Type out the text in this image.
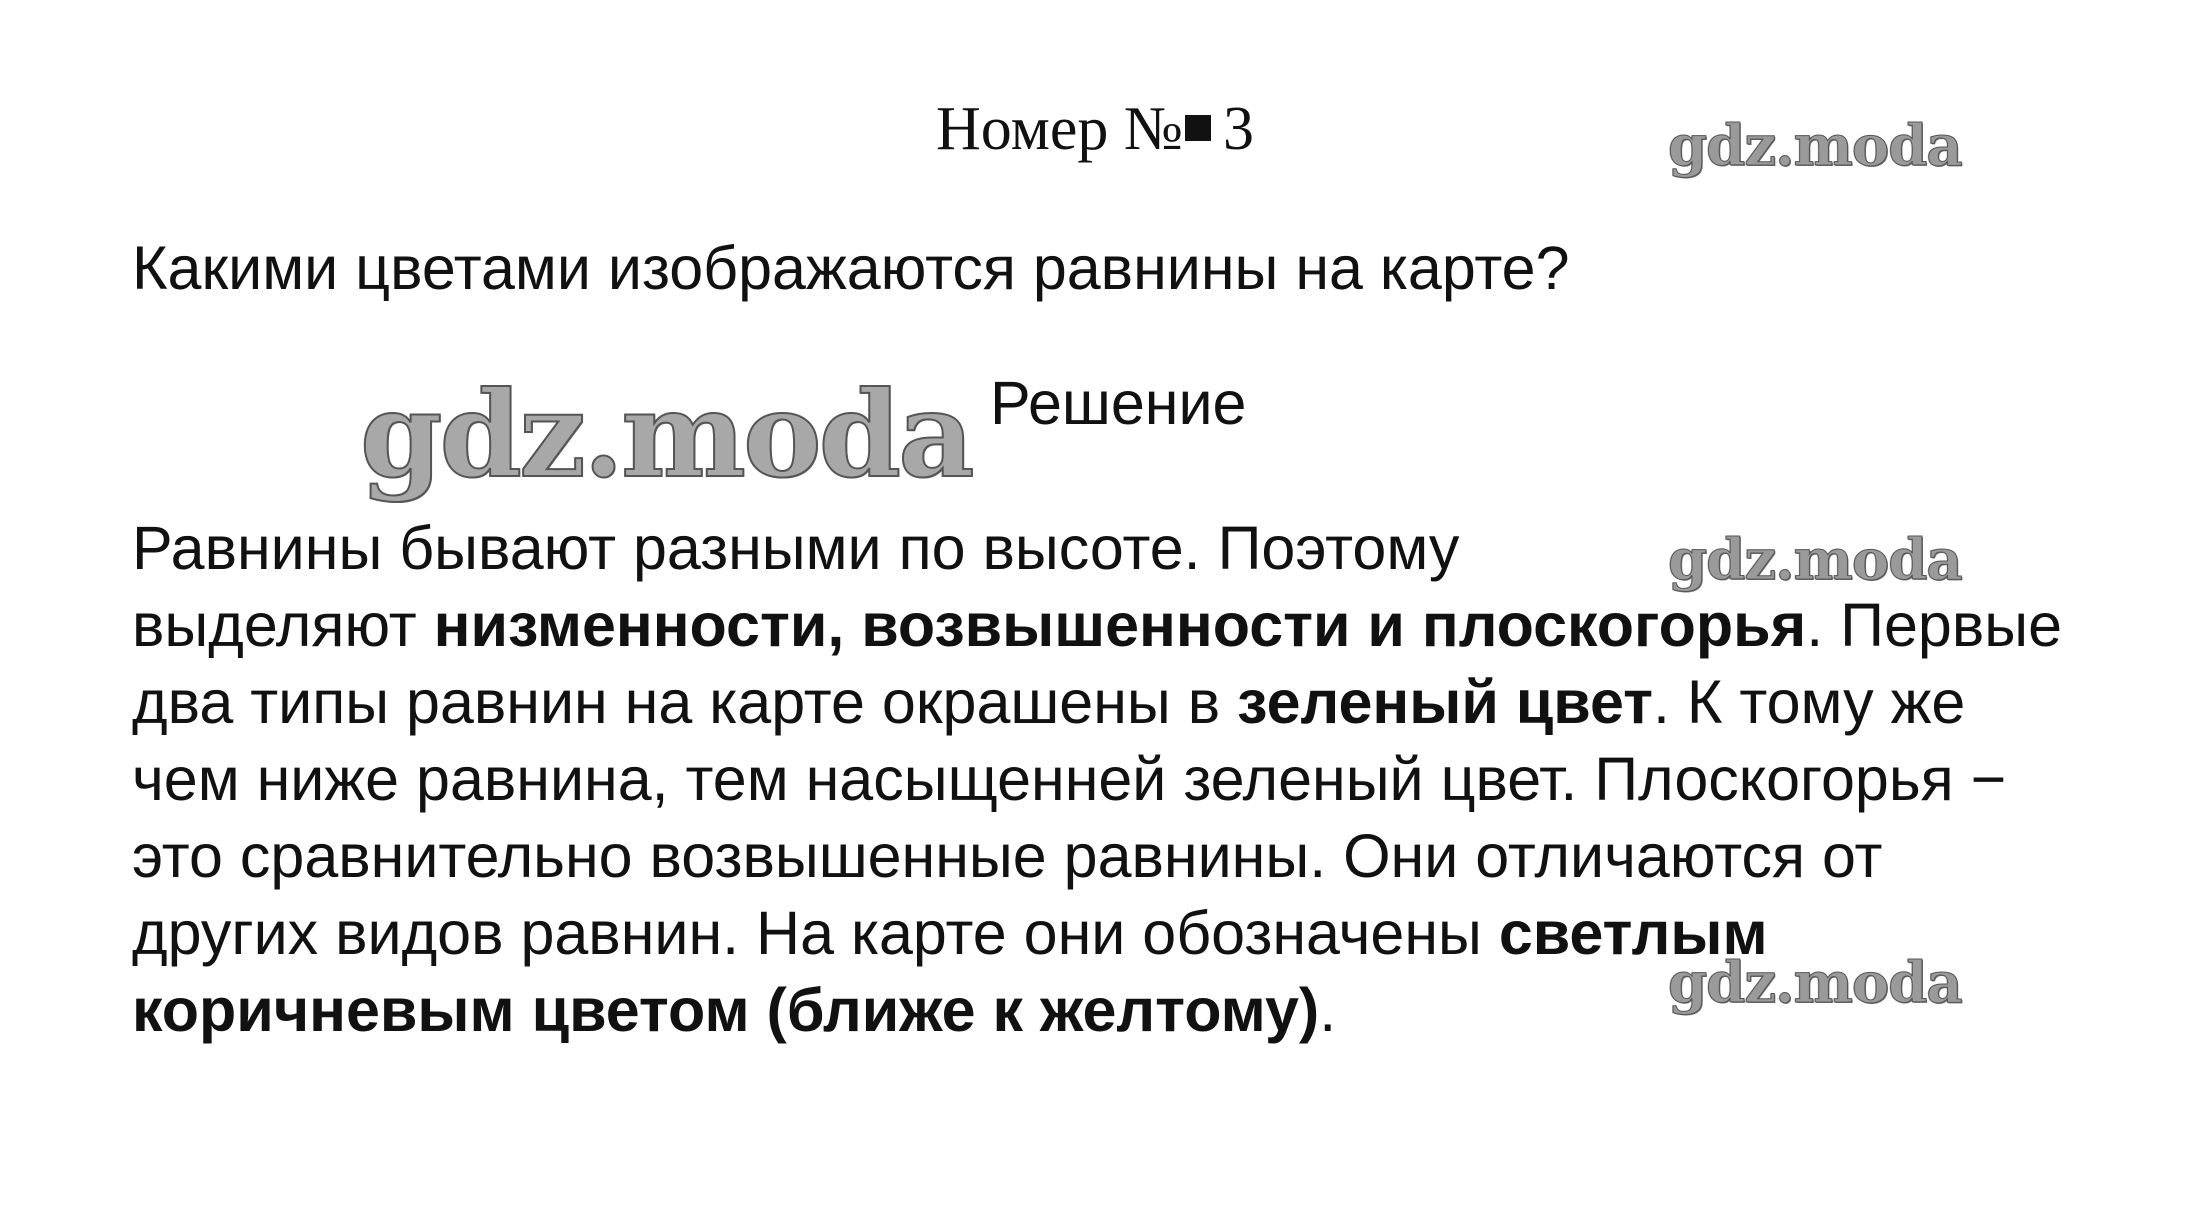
Номер № 3
Какими цветами изображаются равнины на карте?
Решение
Равнины бывают разными по высоте. Поэтому
выделяют низменности, возвышенности и плоскогорья. Первые
два типы равнин на карте окрашены в зеленый цвет. К тому же
чем ниже равнина, тем насыщенней зеленый цвет. Плоскогорья −
это сравнительно возвышенные равнины. Они отличаются от
других видов равнин. На карте они обозначены светлым
коричневым цветом (ближе к желтому).
gdz.moda
gdz.moda
gdz.moda
gdz.moda
